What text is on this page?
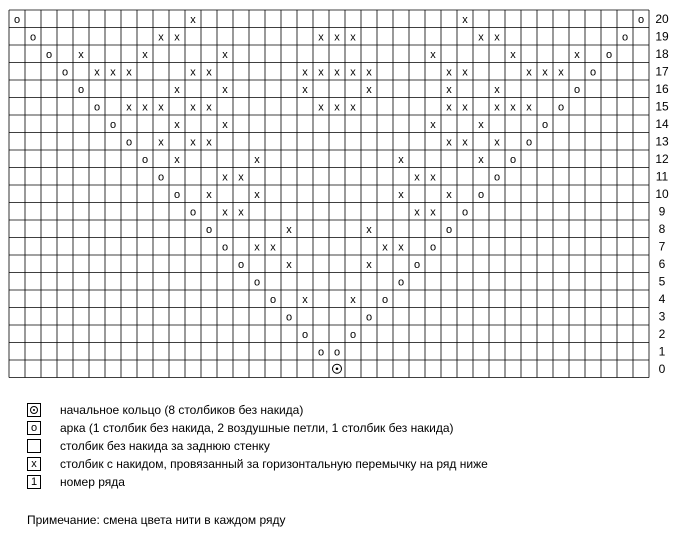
20
19
18
17
16
15
14
13
12
11
10
9
8
7
6
5
4
3
2
1
0
o	x	x	o
o	x x	x x x	x x	o
o x	x	x	x	x	x o
o x x x	x x	x x x x x	x x	x x x o
o	x	x	x	x	x	x	o
o x x x x x	x x x	x x x x x o
o	x	x	x	x	o
o x x x	x x x o
o x	x	x	x o
o	x x	x x	o
o x	x	x	x o
o x x	x x o
o	x	x	o
o x x	x x o
o	x	x	o
o	o
o x	x o
o	o
o	o
o o
начальное кольцо (8 столбиков без накида)
o	арка (1 столбик без накида, 2 воздушные петли, 1 столбик без накида)
столбик без накида за заднюю стенку
x	столбик с накидом, провязанный за горизонтальную перемычку на ряд ниже
1	номер ряда
Примечание: смена цвета нити в каждом ряду
